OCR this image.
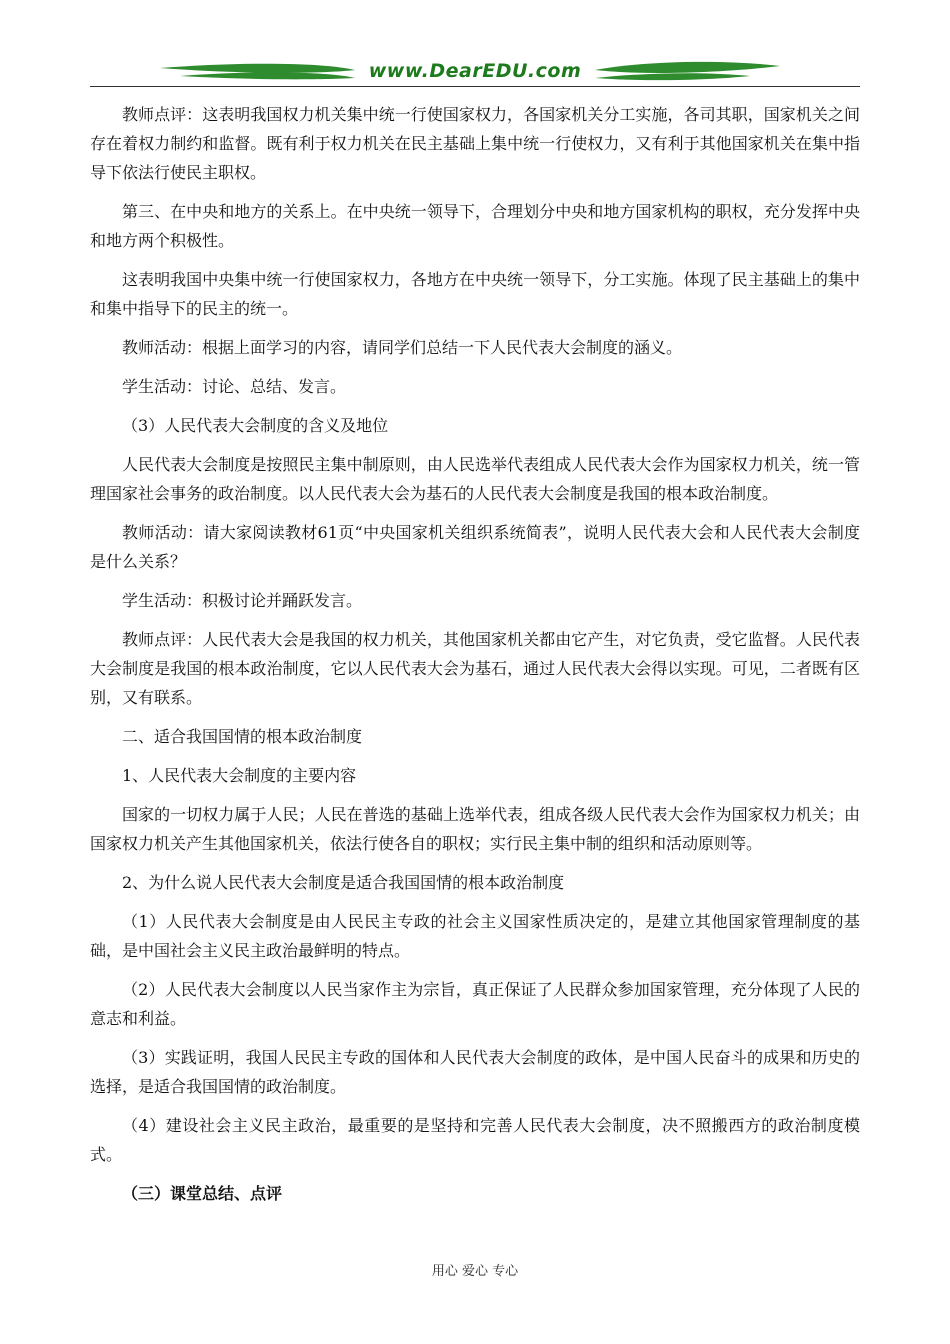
www.DearEDU.com

教师点评：这表明我国权力机关集中统一行使国家权力，各国家机关分工实施，各司其职，国家机关之间存在着权力制约和监督。既有利于权力机关在民主基础上集中统一行使权力，又有利于其他国家机关在集中指导下依法行使民主职权。

第三、在中央和地方的关系上。在中央统一领导下，合理划分中央和地方国家机构的职权，充分发挥中央和地方两个积极性。

这表明我国中央集中统一行使国家权力，各地方在中央统一领导下，分工实施。体现了民主基础上的集中和集中指导下的民主的统一。

教师活动：根据上面学习的内容，请同学们总结一下人民代表大会制度的涵义。

学生活动：讨论、总结、发言。

（3）人民代表大会制度的含义及地位

人民代表大会制度是按照民主集中制原则，由人民选举代表组成人民代表大会作为国家权力机关，统一管理国家社会事务的政治制度。以人民代表大会为基石的人民代表大会制度是我国的根本政治制度。

教师活动：请大家阅读教材61页“中央国家机关组织系统简表”，说明人民代表大会和人民代表大会制度是什么关系？

学生活动：积极讨论并踊跃发言。

教师点评：人民代表大会是我国的权力机关，其他国家机关都由它产生，对它负责，受它监督。人民代表大会制度是我国的根本政治制度，它以人民代表大会为基石，通过人民代表大会得以实现。可见，二者既有区别，又有联系。

二、适合我国国情的根本政治制度

1、人民代表大会制度的主要内容

国家的一切权力属于人民；人民在普选的基础上选举代表，组成各级人民代表大会作为国家权力机关；由国家权力机关产生其他国家机关，依法行使各自的职权；实行民主集中制的组织和活动原则等。

2、为什么说人民代表大会制度是适合我国国情的根本政治制度

（1）人民代表大会制度是由人民民主专政的社会主义国家性质决定的，是建立其他国家管理制度的基础，是中国社会主义民主政治最鲜明的特点。

（2）人民代表大会制度以人民当家作主为宗旨，真正保证了人民群众参加国家管理，充分体现了人民的意志和利益。

（3）实践证明，我国人民民主专政的国体和人民代表大会制度的政体，是中国人民奋斗的成果和历史的选择，是适合我国国情的政治制度。

（4）建设社会主义民主政治，最重要的是坚持和完善人民代表大会制度，决不照搬西方的政治制度模式。

（三）课堂总结、点评

用心 爱心 专心
